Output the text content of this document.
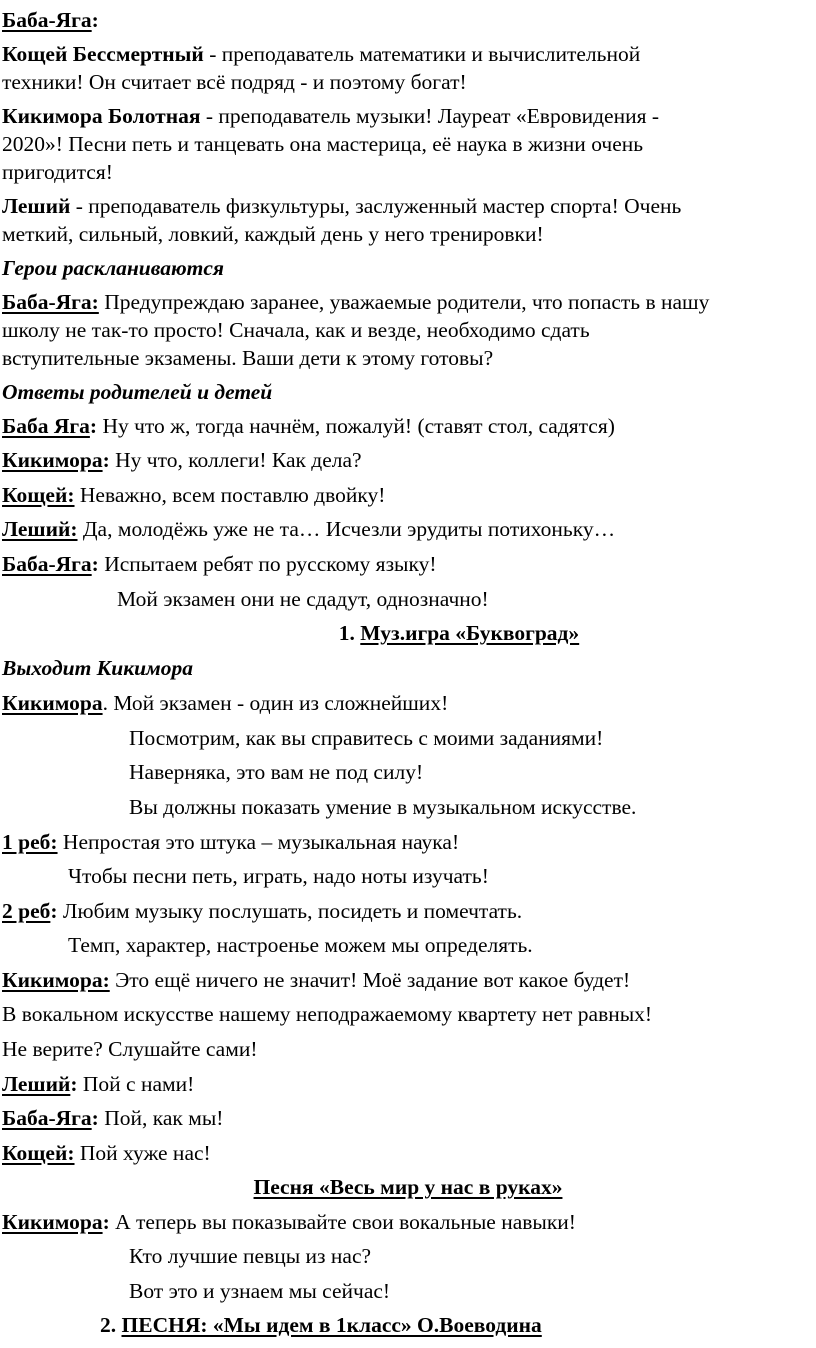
Баба-Яга:
Кощей Бессмертный - преподаватель математики и вычислительной
техники! Он считает всё подряд - и поэтому богат!
Кикимора Болотная - преподаватель музыки! Лауреат «Евровидения -
2020»! Песни петь и танцевать она мастерица, её наука в жизни очень
пригодится!
Леший - преподаватель физкультуры, заслуженный мастер спорта! Очень
меткий, сильный, ловкий, каждый день у него тренировки!
Герои раскланиваются
Баба-Яга: Предупреждаю заранее, уважаемые родители, что попасть в нашу
школу не так-то просто! Сначала, как и везде, необходимо сдать
вступительные экзамены. Ваши дети к этому готовы?
Ответы родителей и детей
Баба Яга: Ну что ж, тогда начнём, пожалуй! (ставят стол, садятся)
Кикимора: Ну что, коллеги! Как дела?
Кощей: Неважно, всем поставлю двойку!
Леший: Да, молодёжь уже не та… Исчезли эрудиты потихоньку…
Баба-Яга: Испытаем ребят по русскому языку!
Мой экзамен они не сдадут, однозначно!
1. Муз.игра «Буквоград»
Выходит Кикимора
Кикимора. Мой экзамен - один из сложнейших!
Посмотрим, как вы справитесь с моими заданиями!
Наверняка, это вам не под силу!
Вы должны показать умение в музыкальном искусстве.
1 реб: Непростая это штука – музыкальная наука!
Чтобы песни петь, играть, надо ноты изучать!
2 реб: Любим музыку послушать, посидеть и помечтать.
Темп, характер, настроенье можем мы определять.
Кикимора: Это ещё ничего не значит! Моё задание вот какое будет!
В вокальном искусстве нашему неподражаемому квартету нет равных!
Не верите? Слушайте сами!
Леший: Пой с нами!
Баба-Яга: Пой, как мы!
Кощей: Пой хуже нас!
Песня «Весь мир у нас в руках»
Кикимора: А теперь вы показывайте свои вокальные навыки!
Кто лучшие певцы из нас?
Вот это и узнаем мы сейчас!
2. ПЕСНЯ: «Мы идем в 1класс» О.Воеводина
